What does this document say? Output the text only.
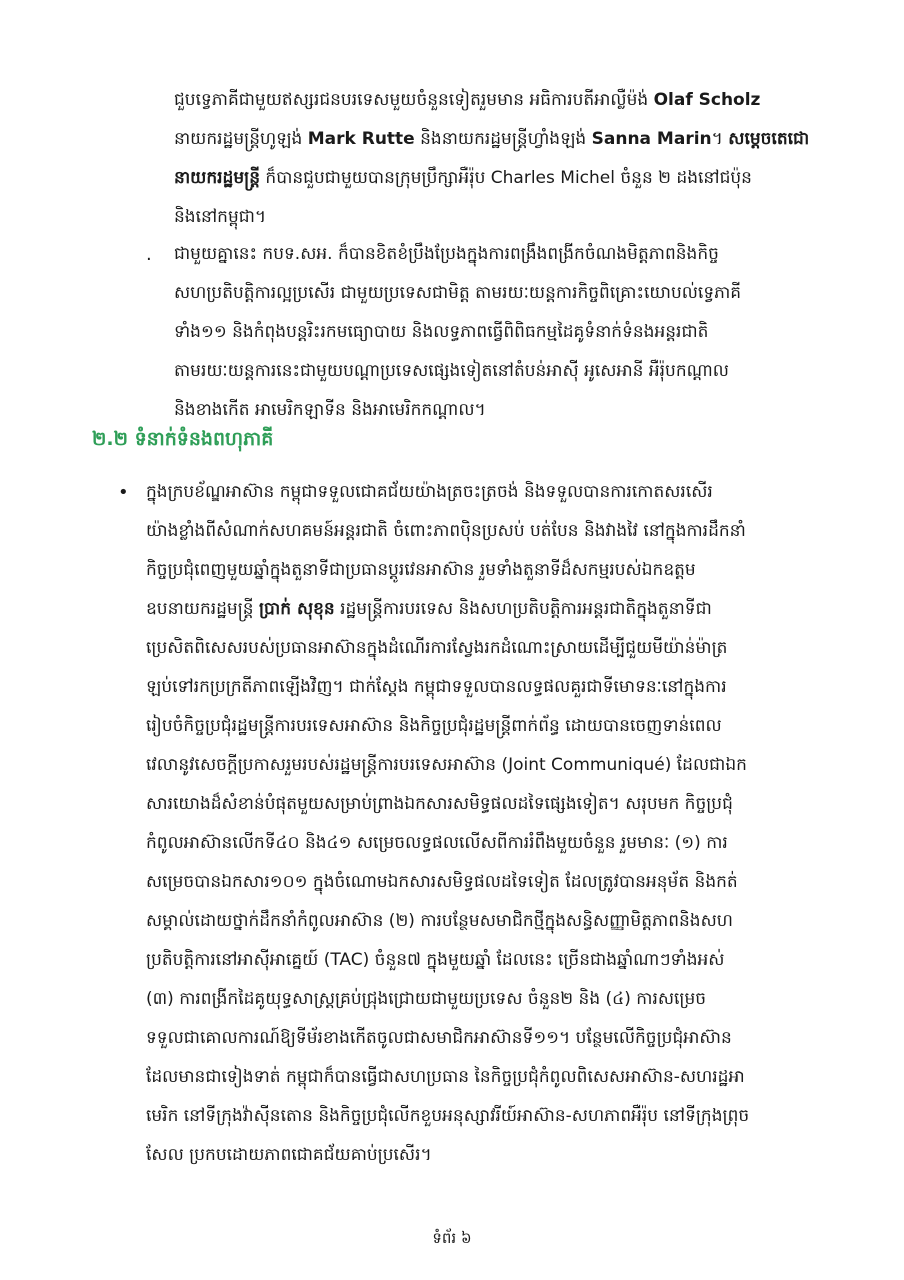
ជួបទ្វេភាគីជាមួយឥស្សរជនបរទេសមួយចំនួនទៀតរួមមាន អធិការបតីអាល្លឺម៉ង់ Olaf Scholz
នាយករដ្ឋមន្ត្រីហូឡង់ Mark Rutte និងនាយករដ្ឋមន្ត្រីហ្វាំងឡង់ Sanna Marin។ សម្តេចតេជោ
នាយករដ្ឋមន្ត្រី ក៏បានជួបជាមួយបានក្រុមប្រឹក្សាអឺរ៉ុប Charles Michel ចំនួន ២ ដងនៅជប៉ុន
និងនៅកម្ពុជា។
. ជាមួយគ្នានេះ កបទ.សអ. ក៏បានខិតខំប្រឹងប្រែងក្នុងការពង្រឹងពង្រីកចំណងមិត្តភាពនិងកិច្ច
សហប្រតិបត្តិការល្អប្រសើរ ជាមួយប្រទេសជាមិត្ត តាមរយៈយន្តការកិច្ចពិគ្រោះយោបល់ទ្វេភាគី
ទាំង១១ និងកំពុងបន្តរិះរកមធ្យោបាយ និងលទ្ធភាពធ្វើពិពិធកម្មដៃគូទំនាក់ទំនងអន្តរជាតិ
តាមរយៈយន្តការនេះជាមួយបណ្តាប្រទេសផ្សេងទៀតនៅតំបន់អាស៊ី អូសេអានី អឺរ៉ុបកណ្តាល
និងខាងកើត អាមេរិកឡាទីន និងអាមេរិកកណ្តាល។
២.២ ទំនាក់ទំនងពហុភាគី
• ក្នុងក្របខ័ណ្ឌអាស៊ាន កម្ពុជាទទួលជោគជ័យយ៉ាងត្រចះត្រចង់ និងទទួលបានការកោតសរសើរ
យ៉ាងខ្លាំងពីសំណាក់សហគមន៍អន្តរជាតិ ចំពោះភាពប៉ិនប្រសប់ បត់បែន និងវាងវៃ នៅក្នុងការដឹកនាំ
កិច្ចប្រជុំពេញមួយឆ្នាំក្នុងតួនាទីជាប្រធានប្តូរវេនអាស៊ាន រួមទាំងតួនាទីដ៏សកម្មរបស់ឯកឧត្តម
ឧបនាយករដ្ឋមន្ត្រី ប្រាក់ សុខុន រដ្ឋមន្ត្រីការបរទេស និងសហប្រតិបត្តិការអន្តរជាតិក្នុងតួនាទីជា
ប្រេសិតពិសេសរបស់ប្រធានអាស៊ានក្នុងដំណើរការស្វែងរកដំណោះស្រាយដើម្បីជួយមីយ៉ាន់ម៉ាត្រ
ឡប់ទៅរកប្រក្រតីភាពឡើងវិញ។ ជាក់ស្តែង កម្ពុជាទទួលបានលទ្ធផលគួរជាទីមោទនៈនៅក្នុងការ
រៀបចំកិច្ចប្រជុំរដ្ឋមន្ត្រីការបរទេសអាស៊ាន និងកិច្ចប្រជុំរដ្ឋមន្ត្រីពាក់ព័ន្ធ ដោយបានចេញទាន់ពេល
វេលានូវសេចក្តីប្រកាសរួមរបស់រដ្ឋមន្ត្រីការបរទេសអាស៊ាន (Joint Communiqué) ដែលជាឯក
សារយោងដ៏សំខាន់បំផុតមួយសម្រាប់ព្រាងឯកសារសមិទ្ធផលដទៃផ្សេងទៀត។ សរុបមក កិច្ចប្រជុំ
កំពូលអាស៊ានលើកទី៤០ និង៤១ សម្រេចលទ្ធផលលើសពីការរំពឹងមួយចំនួន រួមមានៈ (១) ការ
សម្រេចបានឯកសារ១០១ ក្នុងចំណោមឯកសារសមិទ្ធផលដទៃទៀត ដែលត្រូវបានអនុម័ត និងកត់
សម្គាល់ដោយថ្នាក់ដឹកនាំកំពូលអាស៊ាន (២) ការបន្ថែមសមាជិកថ្មីក្នុងសន្ធិសញ្ញាមិត្តភាពនិងសហ
ប្រតិបត្តិការនៅអាស៊ីអាគ្នេយ៍ (TAC) ចំនួន៧ ក្នុងមួយឆ្នាំ ដែលនេះ ច្រើនជាងឆ្នាំណាៗទាំងអស់
(៣) ការពង្រីកដៃគូយុទ្ធសាស្ត្រគ្រប់ជ្រុងជ្រោយជាមួយប្រទេស ចំនួន២ និង (៤) ការសម្រេច
ទទួលជាគោលការណ៍ឱ្យទីម័រខាងកើតចូលជាសមាជិកអាស៊ានទី១១។ បន្ថែមលើកិច្ចប្រជុំអាស៊ាន
ដែលមានជាទៀងទាត់ កម្ពុជាក៏បានធ្វើជាសហប្រធាន នៃកិច្ចប្រជុំកំពូលពិសេសអាស៊ាន-សហរដ្ឋអា
មេរិក នៅទីក្រុងវ៉ាស៊ីនតោន និងកិច្ចប្រជុំលើកខួបអនុស្សាវរីយ៍អាស៊ាន-សហភាពអឺរ៉ុប នៅទីក្រុងព្រុច
សែល ប្រកបដោយភាពជោគជ័យគាប់ប្រសើរ។
ទំព័រ ៦
